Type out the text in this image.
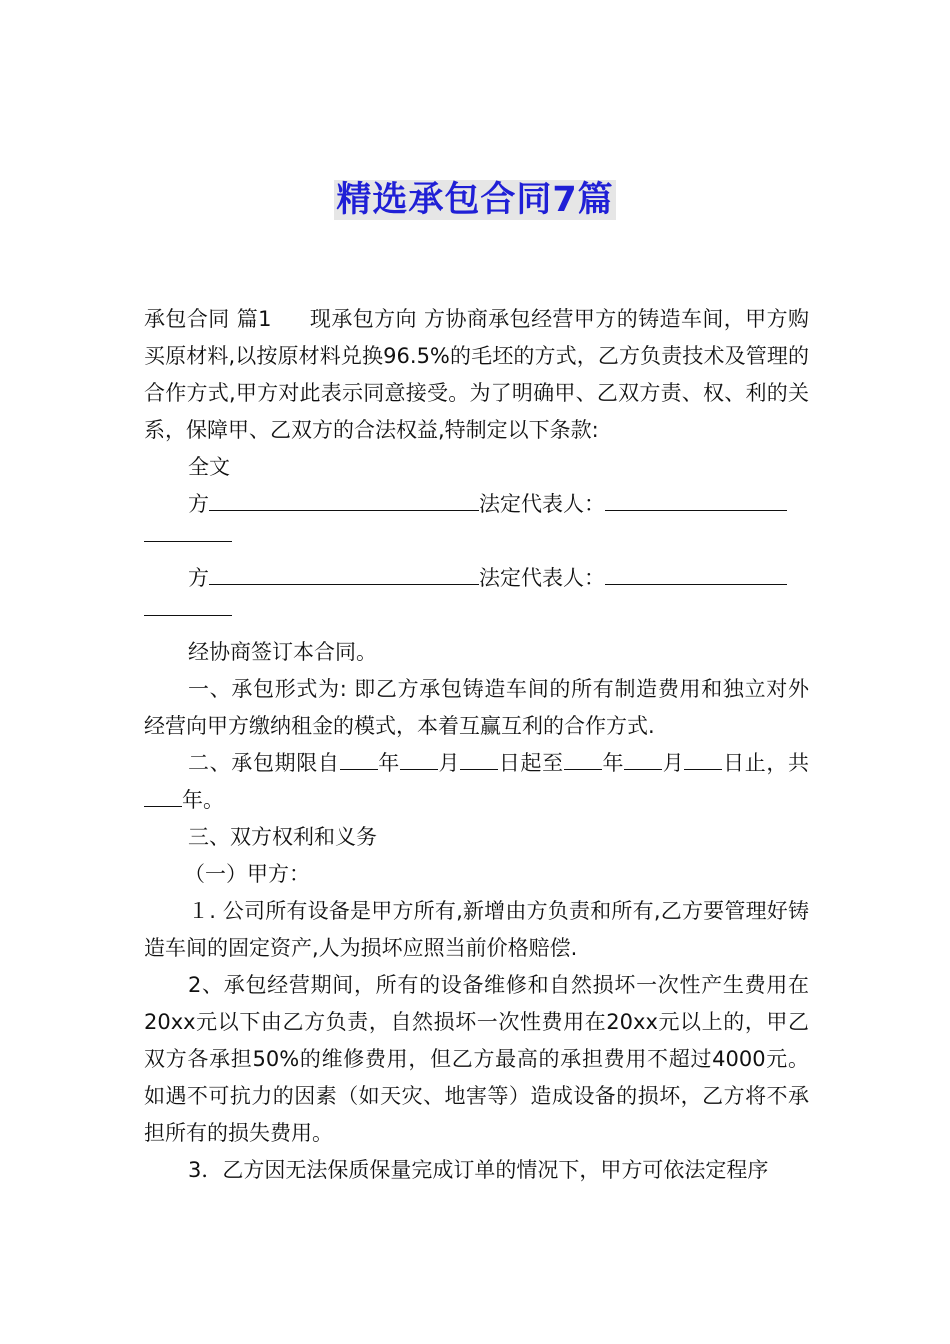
精选承包合同7篇

承包合同 篇1 现承包方向 方协商承包经营甲方的铸造车间，甲方购买原材料,以按原材料兑换96.5%的毛坯的方式，乙方负责技术及管理的合作方式,甲方对此表示同意接受。为了明确甲、乙双方责、权、利的关系，保障甲、乙双方的合法权益,特制定以下条款:

全文

方	法定代表人：

方	法定代表人：

经协商签订本合同。

一、承包形式为: 即乙方承包铸造车间的所有制造费用和独立对外经营向甲方缴纳租金的模式，本着互赢互利的合作方式.

二、承包期限自 年 月 日起至 年 月 日止，共年。

三、双方权利和义务

（一）甲方：

１. 公司所有设备是甲方所有,新增由方负责和所有,乙方要管理好铸造车间的固定资产,人为损坏应照当前价格赔偿.

2、承包经营期间，所有的设备维修和自然损坏一次性产生费用在20xx元以下由乙方负责，自然损坏一次性费用在20xx元以上的，甲乙双方各承担50%的维修费用，但乙方最高的承担费用不超过4000元。如遇不可抗力的因素（如天灾、地害等）造成设备的损坏，乙方将不承担所有的损失费用。

3．乙方因无法保质保量完成订单的情况下，甲方可依法定程序
